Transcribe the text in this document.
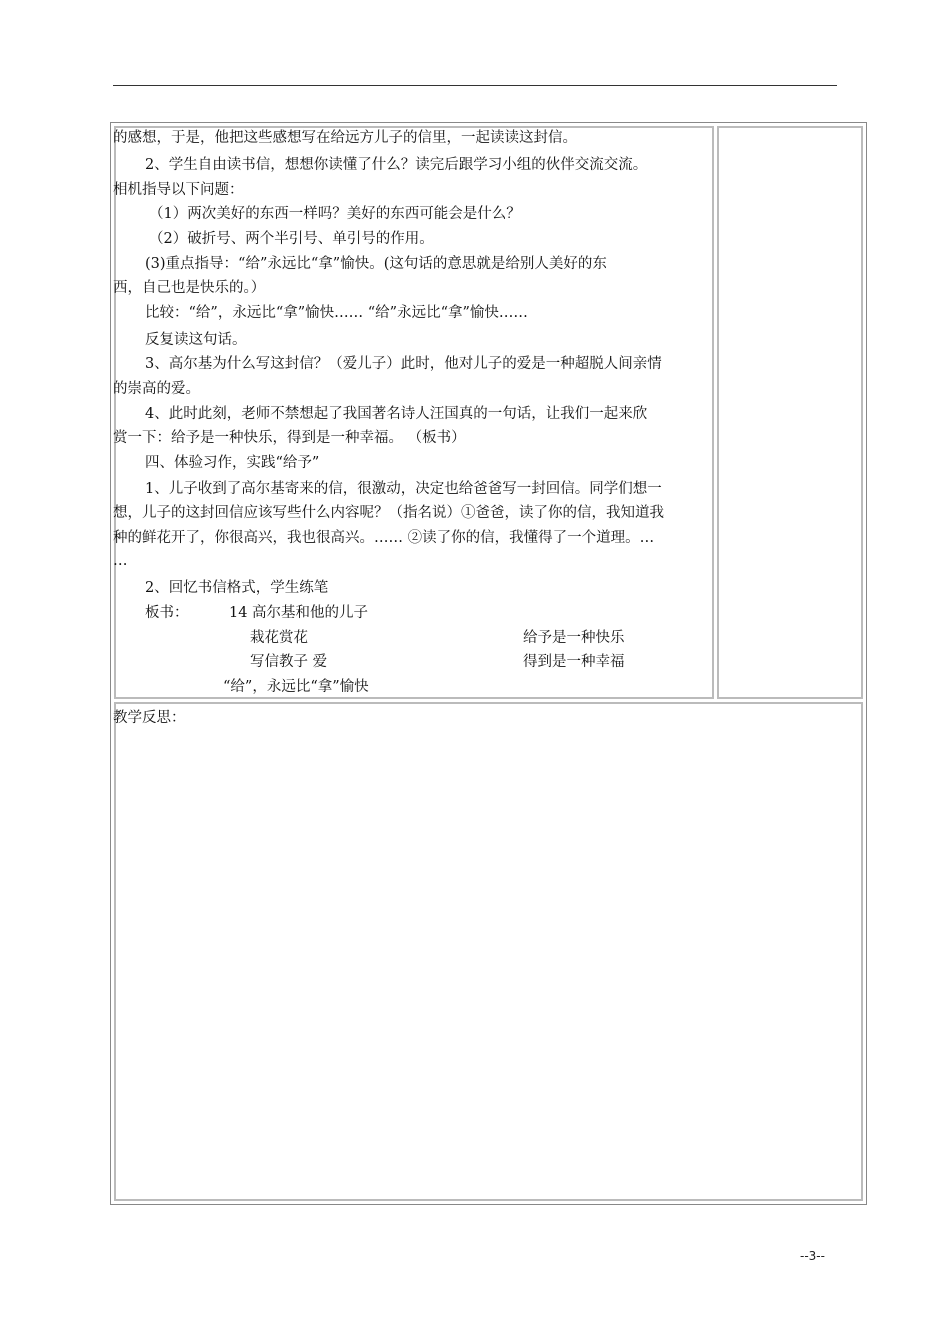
的感想，于是，他把这些感想写在给远方儿子的信里，一起读读这封信。
2、学生自由读书信，想想你读懂了什么？读完后跟学习小组的伙伴交流交流。
相机指导以下问题：
（1）两次美好的东西一样吗？美好的东西可能会是什么？
（2）破折号、两个半引号、单引号的作用。
(3)重点指导：“给”永远比“拿”愉快。(这句话的意思就是给别人美好的东
西，自己也是快乐的。）
比较：“给”，永远比“拿”愉快…… “给”永远比“拿”愉快……
反复读这句话。
3、高尔基为什么写这封信？（爱儿子）此时，他对儿子的爱是一种超脱人间亲情
的崇高的爱。
4、此时此刻，老师不禁想起了我国著名诗人汪国真的一句话，让我们一起来欣
赏一下：给予是一种快乐，得到是一种幸福。 （板书）
四、体验习作，实践“给予”
1、儿子收到了高尔基寄来的信，很激动，决定也给爸爸写一封回信。同学们想一
想，儿子的这封回信应该写些什么内容呢？（指名说）①爸爸，读了你的信，我知道我
种的鲜花开了，你很高兴，我也很高兴。…… ②读了你的信，我懂得了一个道理。…
…
2、回忆书信格式，学生练笔
板书：	14 高尔基和他的儿子
栽花赏花	给予是一种快乐
写信教子 爱	得到是一种幸福
“给”，永远比“拿”愉快
教学反思：
--3--
